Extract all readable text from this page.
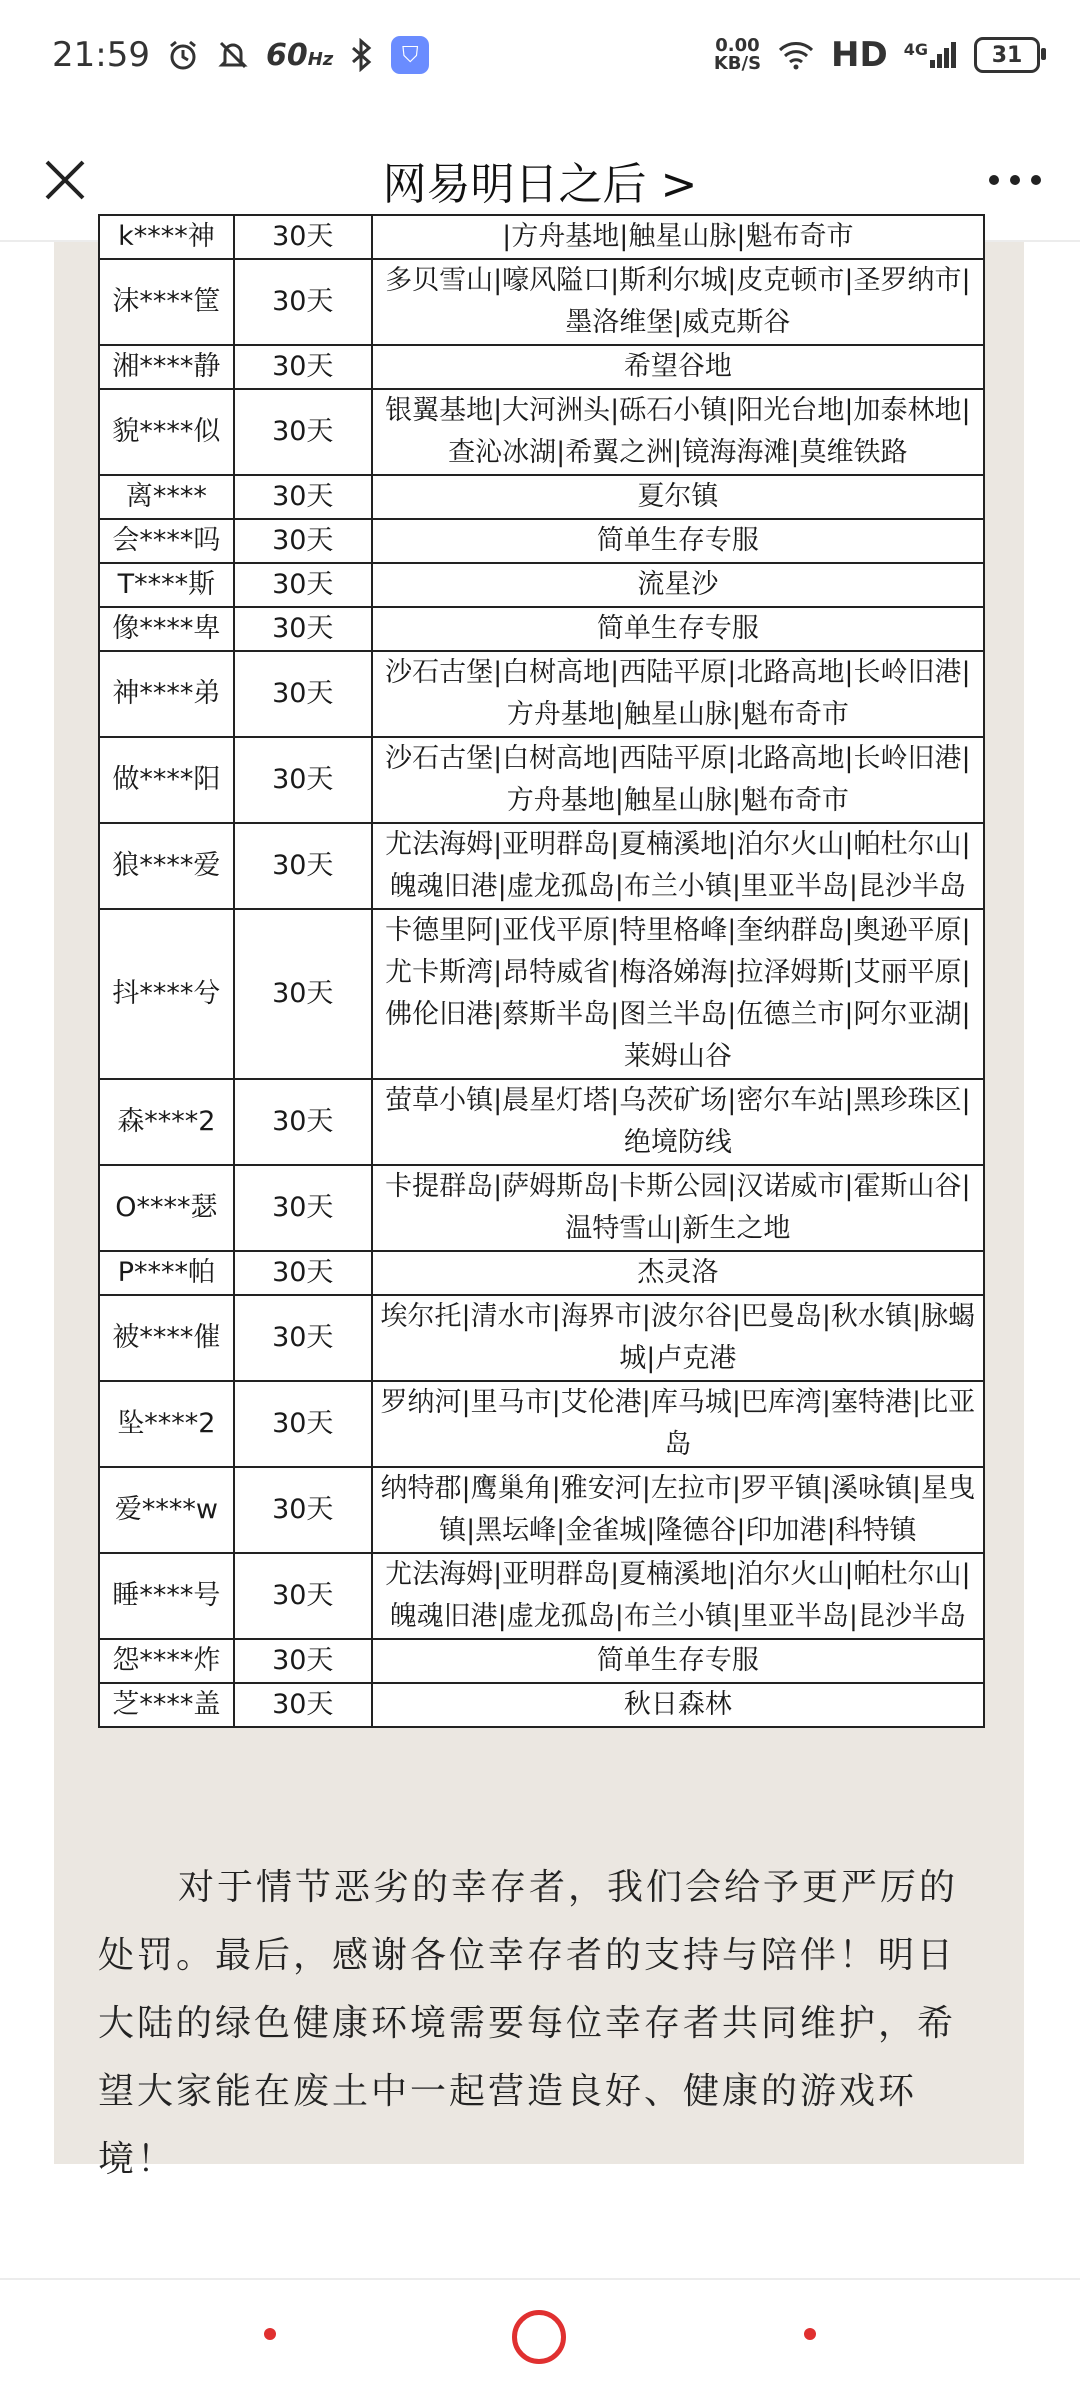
21:59	60Hz	⛉	0.00
KB/S HD 4G	31
网易明日之后 >
k****神	30天	|方舟基地|触星山脉|魁布奇市
沫****筐	30天	多贝雪山|嚎风隘口|斯利尔城|皮克顿市|圣罗纳市|墨洛维堡|威克斯谷
湘****静	30天	希望谷地
貌****似	30天	银翼基地|大河洲头|砾石小镇|阳光台地|加泰林地|查沁冰湖|希翼之洲|镜海海滩|莫维铁路
离****	30天	夏尔镇
会****吗	30天	简单生存专服
T****斯	30天	流星沙
像****卑	30天	简单生存专服
神****弟	30天	沙石古堡|白树高地|西陆平原|北路高地|长岭旧港|方舟基地|触星山脉|魁布奇市
做****阳	30天	沙石古堡|白树高地|西陆平原|北路高地|长岭旧港|方舟基地|触星山脉|魁布奇市
狼****爱	30天	尤法海姆|亚明群岛|夏楠溪地|泊尔火山|帕杜尔山|魄魂旧港|虚龙孤岛|布兰小镇|里亚半岛|昆沙半岛
抖****兮	30天	卡德里阿|亚伐平原|特里格峰|奎纳群岛|奥逊平原|尤卡斯湾|昂特威省|梅洛娣海|拉泽姆斯|艾丽平原|佛伦旧港|蔡斯半岛|图兰半岛|伍德兰市|阿尔亚湖|莱姆山谷
森****2	30天	萤草小镇|晨星灯塔|乌茨矿场|密尔车站|黑珍珠区|绝境防线
O****瑟	30天	卡提群岛|萨姆斯岛|卡斯公园|汉诺威市|霍斯山谷|温特雪山|新生之地
P****帕	30天	杰灵洛
被****催	30天	埃尔托|清水市|海界市|波尔谷|巴曼岛|秋水镇|脉蝎城|卢克港
坠****2	30天	罗纳河|里马市|艾伦港|库马城|巴库湾|塞特港|比亚岛
爱****w	30天	纳特郡|鹰巢角|雅安河|左拉市|罗平镇|溪咏镇|星曳镇|黑坛峰|金雀城|隆德谷|印加港|科特镇
睡****号	30天	尤法海姆|亚明群岛|夏楠溪地|泊尔火山|帕杜尔山|魄魂旧港|虚龙孤岛|布兰小镇|里亚半岛|昆沙半岛
怨****炸	30天	简单生存专服
芝****盖	30天	秋日森林

对于情节恶劣的幸存者，我们会给予更严厉的处罚。最后，感谢各位幸存者的支持与陪伴！明日大陆的绿色健康环境需要每位幸存者共同维护，希望大家能在废土中一起营造良好、健康的游戏环境！
